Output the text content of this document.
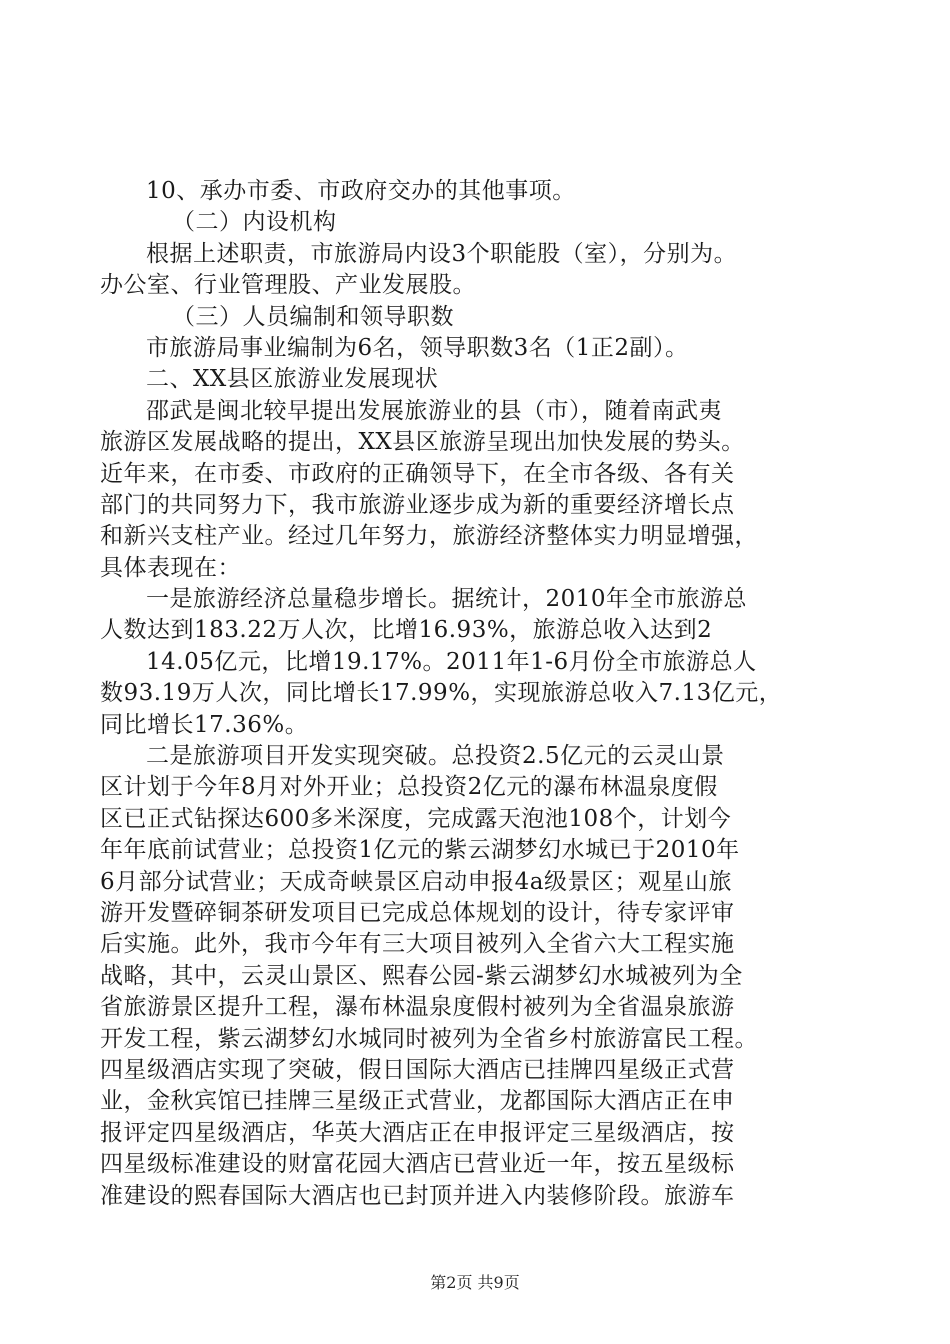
10、承办市委、市政府交办的其他事项。
（二）内设机构
根据上述职责，市旅游局内设3个职能股（室），分别为。
办公室、行业管理股、产业发展股。
（三）人员编制和领导职数
市旅游局事业编制为6名，领导职数3名（1正2副）。
二、XX县区旅游业发展现状
邵武是闽北较早提出发展旅游业的县（市），随着南武夷
旅游区发展战略的提出，XX县区旅游呈现出加快发展的势头。
近年来，在市委、市政府的正确领导下，在全市各级、各有关
部门的共同努力下，我市旅游业逐步成为新的重要经济增长点
和新兴支柱产业。经过几年努力，旅游经济整体实力明显增强，
具体表现在：
一是旅游经济总量稳步增长。据统计，2010年全市旅游总
人数达到183.22万人次，比增16.93%，旅游总收入达到2
14.05亿元，比增19.17%。2011年1-6月份全市旅游总人
数93.19万人次，同比增长17.99%，实现旅游总收入7.13亿元，
同比增长17.36%。
二是旅游项目开发实现突破。总投资2.5亿元的云灵山景
区计划于今年8月对外开业；总投资2亿元的瀑布林温泉度假
区已正式钻探达600多米深度，完成露天泡池108个，计划今
年年底前试营业；总投资1亿元的紫云湖梦幻水城已于2010年
6月部分试营业；天成奇峡景区启动申报4a级景区；观星山旅
游开发暨碎铜茶研发项目已完成总体规划的设计，待专家评审
后实施。此外，我市今年有三大项目被列入全省六大工程实施
战略，其中，云灵山景区、熙春公园-紫云湖梦幻水城被列为全
省旅游景区提升工程，瀑布林温泉度假村被列为全省温泉旅游
开发工程，紫云湖梦幻水城同时被列为全省乡村旅游富民工程。
四星级酒店实现了突破，假日国际大酒店已挂牌四星级正式营
业，金秋宾馆已挂牌三星级正式营业，龙都国际大酒店正在申
报评定四星级酒店，华英大酒店正在申报评定三星级酒店，按
四星级标准建设的财富花园大酒店已营业近一年，按五星级标
准建设的熙春国际大酒店也已封顶并进入内装修阶段。旅游车
第2页 共9页
